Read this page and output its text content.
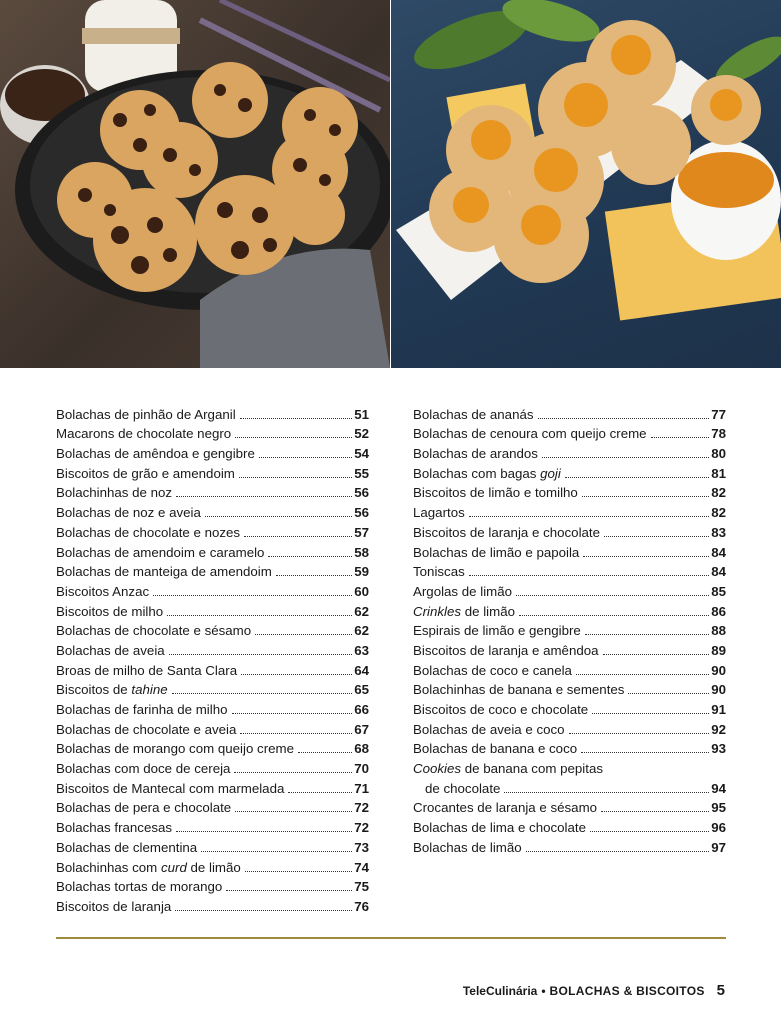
Bolachas de pinhão de Arganil	51
Macarons de chocolate negro	52
Bolachas de amêndoa e gengibre	54
Biscoitos de grão e amendoim	55
Bolachinhas de noz	56
Bolachas de noz e aveia	56
Bolachas de chocolate e nozes	57
Bolachas de amendoim e caramelo	58
Bolachas de manteiga de amendoim	59
Biscoitos Anzac	60
Biscoitos de milho	62
Bolachas de chocolate e sésamo	62
Bolachas de aveia	63
Broas de milho de Santa Clara	64
Biscoitos de tahine	65
Bolachas de farinha de milho	66
Bolachas de chocolate e aveia	67
Bolachas de morango com queijo creme	68
Bolachas com doce de cereja	70
Biscoitos de Mantecal com marmelada	71
Bolachas de pera e chocolate	72
Bolachas francesas	72
Bolachas de clementina	73
Bolachinhas com curd de limão	74
Bolachas tortas de morango	75
Biscoitos de laranja	76
Bolachas de ananás	77
Bolachas de cenoura com queijo creme	78
Bolachas de arandos	80
Bolachas com bagas goji	81
Biscoitos de limão e tomilho	82
Lagartos	82
Biscoitos de laranja e chocolate	83
Bolachas de limão e papoila	84
Toniscas	84
Argolas de limão	85
Crinkles de limão	86
Espirais de limão e gengibre	88
Biscoitos de laranja e amêndoa	89
Bolachas de coco e canela	90
Bolachinhas de banana e sementes	90
Biscoitos de coco e chocolate	91
Bolachas de aveia e coco	92
Bolachas de banana e coco	93
Cookies de banana com pepitas
de chocolate	94
Crocantes de laranja e sésamo	95
Bolachas de lima e chocolate	96
Bolachas de limão	97
TeleCulinária • BOLACHAS & BISCOITOS 5
